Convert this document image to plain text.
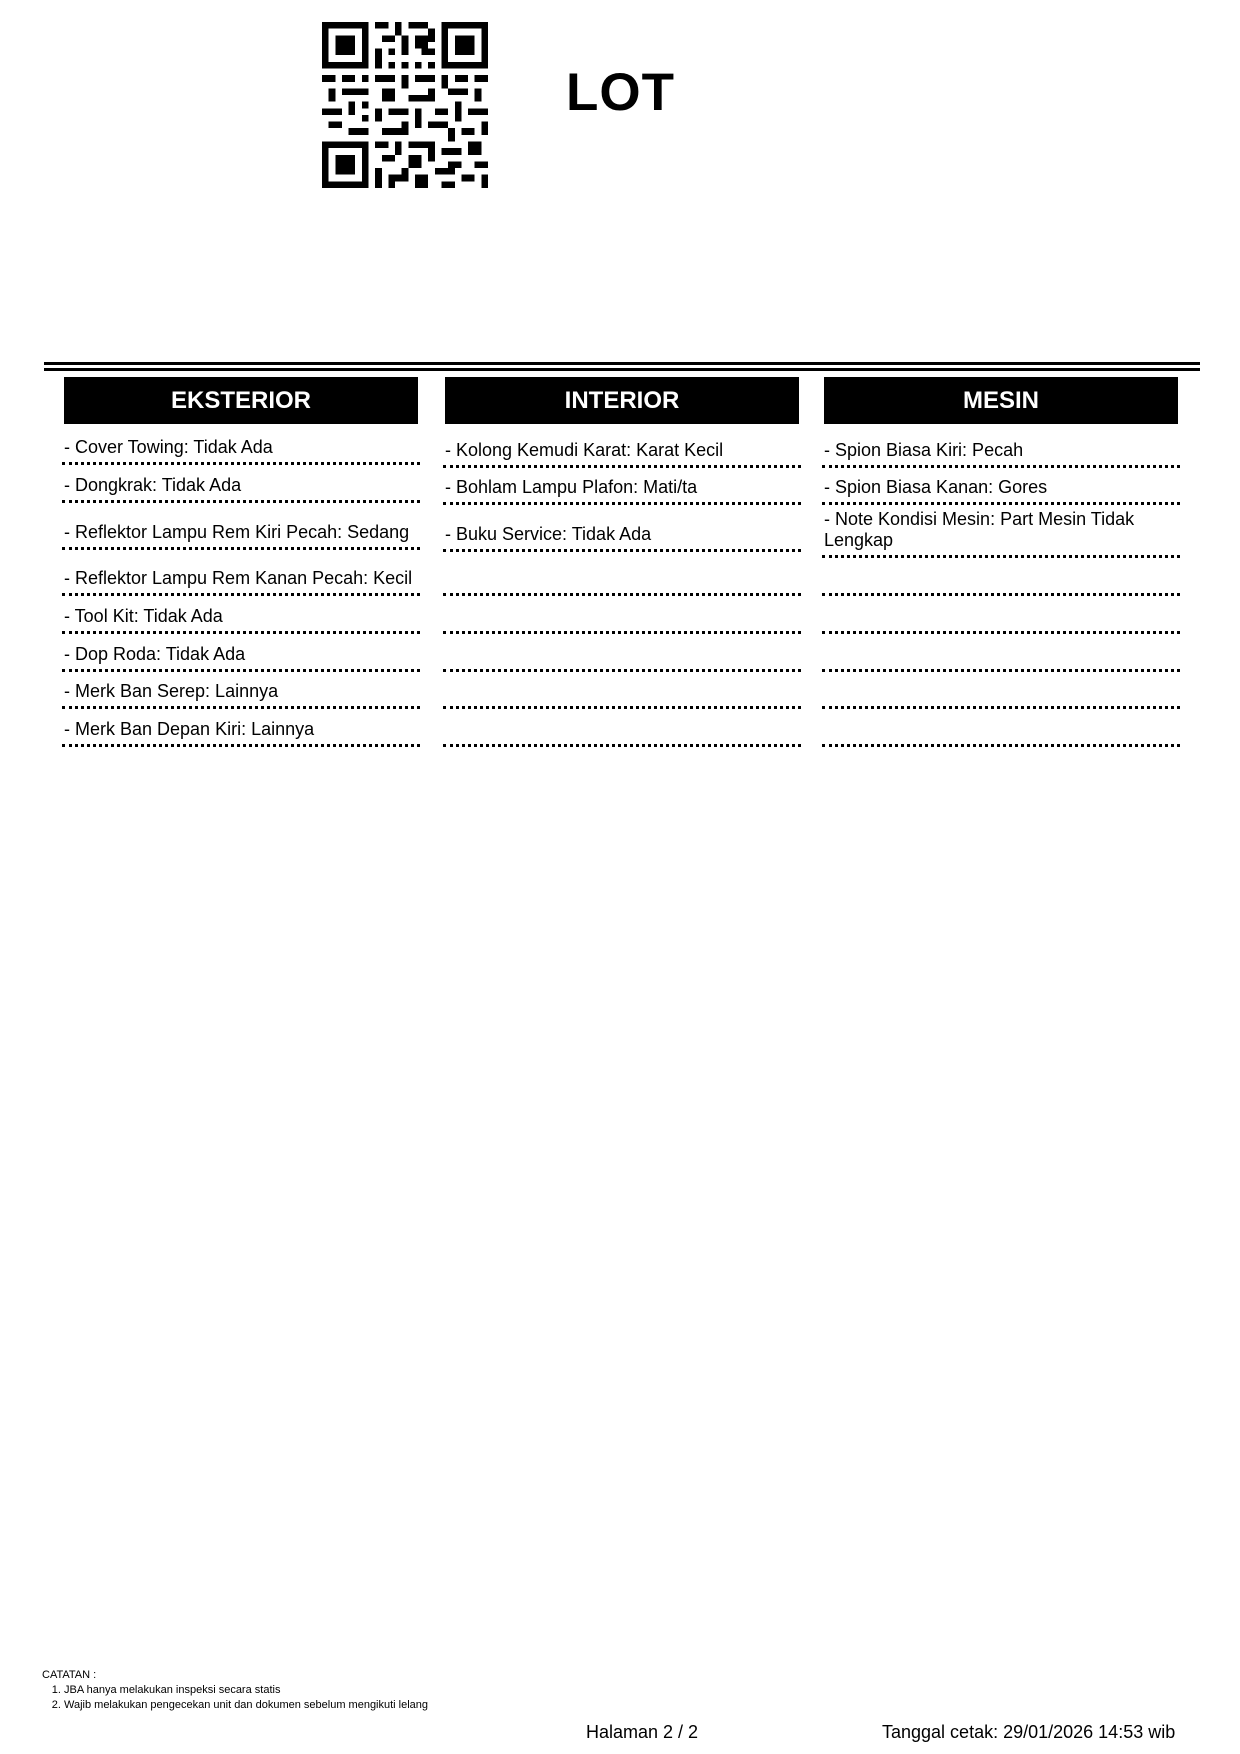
LOT
EKSTERIOR
- Cover Towing: Tidak Ada
- Dongkrak: Tidak Ada
- Reflektor Lampu Rem Kiri Pecah: Sedang
- Reflektor Lampu Rem Kanan Pecah: Kecil
- Tool Kit: Tidak Ada
- Dop Roda: Tidak Ada
- Merk Ban Serep: Lainnya
- Merk Ban Depan Kiri: Lainnya
INTERIOR
- Kolong Kemudi Karat: Karat Kecil
- Bohlam Lampu Plafon: Mati/ta
- Buku Service: Tidak Ada
MESIN
- Spion Biasa Kiri: Pecah
- Spion Biasa Kanan: Gores
- Note Kondisi Mesin: Part Mesin Tidak Lengkap
CATATAN :
1. JBA hanya melakukan inspeksi secara statis
2. Wajib melakukan pengecekan unit dan dokumen sebelum mengikuti lelang
Halaman 2 / 2	Tanggal cetak: 29/01/2026 14:53 wib
